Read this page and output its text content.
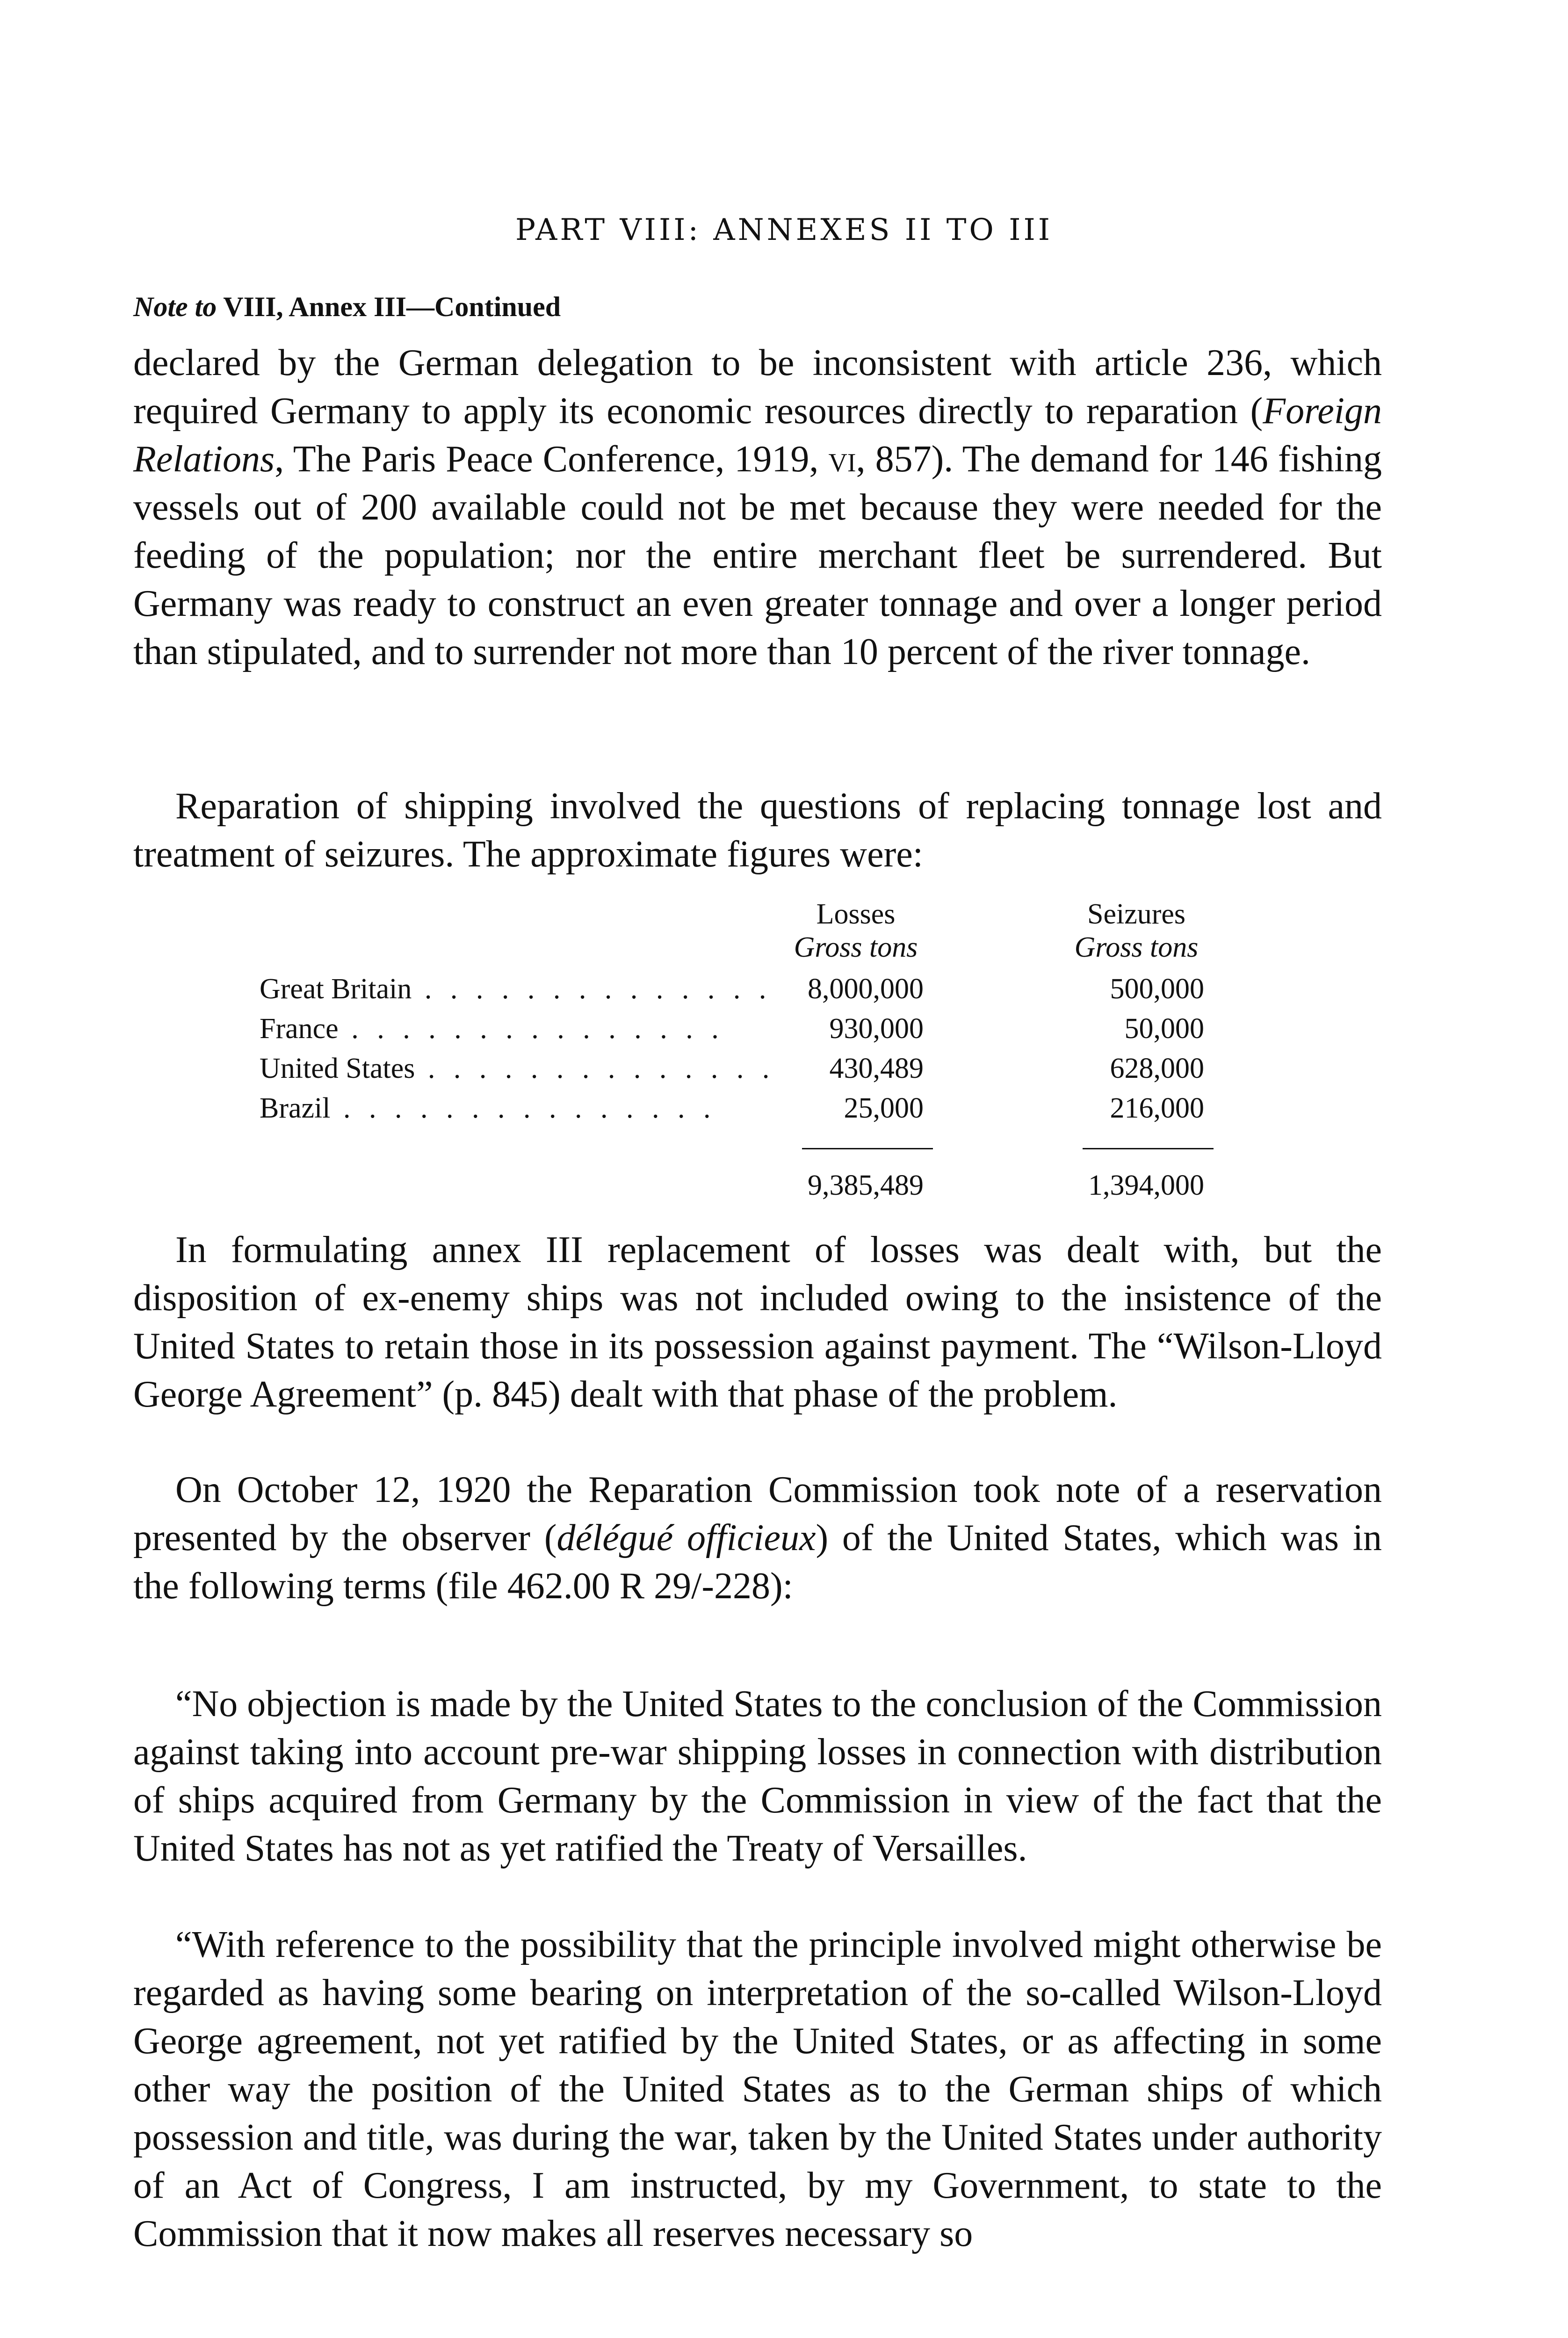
PART VIII: ANNEXES II TO III
Note to VIII, Annex III—Continued

declared by the German delegation to be inconsistent with article 236, which required Germany to apply its economic resources directly to reparation (Foreign Relations, The Paris Peace Conference, 1919, vi, 857). The demand for 146 fishing vessels out of 200 available could not be met because they were needed for the feeding of the population; nor the entire merchant fleet be surrendered. But Germany was ready to construct an even greater tonnage and over a longer period than stipulated, and to surrender not more than 10 percent of the river tonnage.

Reparation of shipping involved the questions of replacing tonnage lost and treatment of seizures. The approximate figures were:

Losses
Gross tons
Seizures
Gross tons
Great Britain . . .	8,000,000	500,000
France . . .	930,000	50,000
United States . . .	430,489	628,000
Brazil . . .	25,000	216,000
9,385,489	1,394,000

In formulating annex III replacement of losses was dealt with, but the disposition of ex-enemy ships was not included owing to the insistence of the United States to retain those in its possession against payment. The “Wilson-Lloyd George Agreement” (p. 845) dealt with that phase of the problem.

On October 12, 1920 the Reparation Commission took note of a reservation presented by the observer (délégué officieux) of the United States, which was in the following terms (file 462.00 R 29/-228):

“No objection is made by the United States to the conclusion of the Commission against taking into account pre-war shipping losses in connection with distribution of ships acquired from Germany by the Commission in view of the fact that the United States has not as yet ratified the Treaty of Versailles.

“With reference to the possibility that the principle involved might otherwise be regarded as having some bearing on interpretation of the so-called Wilson-Lloyd George agreement, not yet ratified by the United States, or as affecting in some other way the position of the United States as to the German ships of which possession and title, was during the war, taken by the United States under authority of an Act of Congress, I am instructed, by my Government, to state to the Commission that it now makes all reserves necessary so
